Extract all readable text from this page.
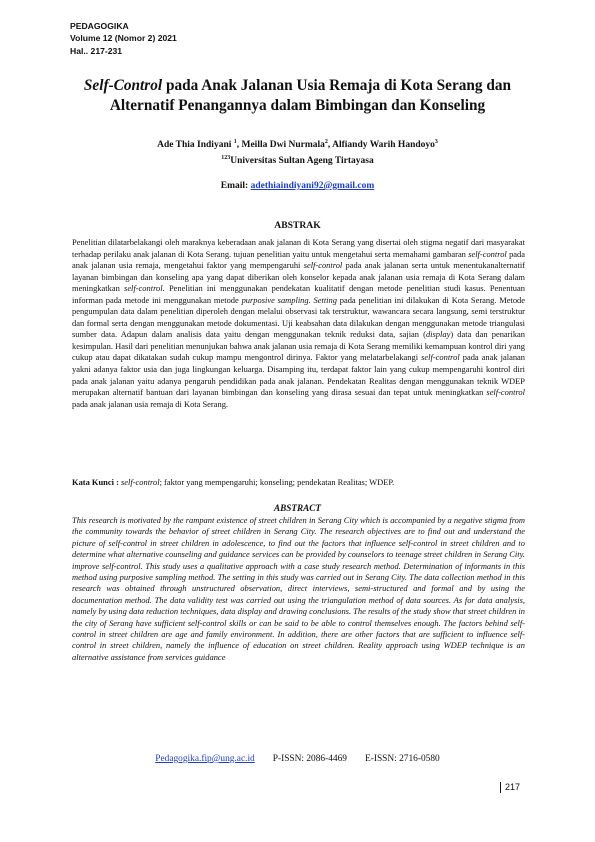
PEDAGOGIKA
Volume 12 (Nomor 2) 2021
Hal.. 217-231
Self-Control pada Anak Jalanan Usia Remaja di Kota Serang dan
Alternatif Penangannya dalam Bimbingan dan Konseling
Ade Thia Indiyani $^1$, Meilla Dwi Nurmala$^2$, Alfiandy Warih Handoyo$^3$
$^{123}$Universitas Sultan Ageng Tirtayasa
Email: adethiaindiyani92@gmail.com
ABSTRAK
Penelitian dilatarbelakangi oleh maraknya keberadaan anak jalanan di Kota Serang yang disertai oleh stigma negatif dari masyarakat terhadap perilaku anak jalanan di Kota Serang. tujuan penelitian yaitu untuk mengetahui serta memahami gambaran self-control pada anak jalanan usia remaja, mengetahui faktor yang mempengaruhi self-control pada anak jalanan serta untuk menentukanalternatif layanan bimbingan dan konseling apa yang dapat diberikan oleh konselor kepada anak jalanan usia remaja di Kota Serang dalam meningkatkan self-control. Penelitian ini menggunakan pendekatan kualitatif dengan metode penelitian studi kasus. Penentuan informan pada metode ini menggunakan metode purposive sampling. Setting pada penelitian ini dilakukan di Kota Serang. Metode pengumpulan data dalam penelitian diperoleh dengan melalui observasi tak terstruktur, wawancara secara langsung, semi terstruktur dan formal serta dengan menggunakan metode dokumentasi. Uji keabsahan data dilakukan dengan menggunakan metode triangulasi sumber data. Adapun dalam analisis data yaitu dengan menggunakan teknik reduksi data, sajian (display) data dan penarikan kesimpulan. Hasil dari penelitian menunjukan bahwa anak jalanan usia remaja di Kota Serang memiliki kemampuan kontrol diri yang cukup atau dapat dikatakan sudah cukup mampu mengontrol dirinya. Faktor yang melatarbelakangi self-control pada anak jalanan yakni adanya faktor usia dan juga lingkungan keluarga. Disamping itu, terdapat faktor lain yang cukup mempengaruhi kontrol diri pada anak jalanan yaitu adanya pengaruh pendidikan pada anak jalanan. Pendekatan Realitas dengan menggunakan teknik WDEP merupakan alternatif bantuan dari layanan bimbingan dan konseling yang dirasa sesuai dan tepat untuk meningkatkan self-control pada anak jalanan usia remaja di Kota Serang.
Kata Kunci : self-control; faktor yang mempengaruhi; konseling; pendekatan Realitas; WDEP.
ABSTRACT
This research is motivated by the rampant existence of street children in Serang City which is accompanied by a negative stigma from the community towards the behavior of street children in Serang City. The research objectives are to find out and understand the picture of self-control in street children in adolescence, to find out the factors that influence self-control in street children and to determine what alternative counseling and guidance services can be provided by counselors to teenage street children in Serang City. improve self-control. This study uses a qualitative approach with a case study research method. Determination of informants in this method using purposive sampling method. The setting in this study was carried out in Serang City. The data collection method in this research was obtained through unstructured observation, direct interviews, semi-structured and formal and by using the documentation method. The data validity test was carried out using the triangulation method of data sources. As for data analysis, namely by using data reduction techniques, data display and drawing conclusions. The results of the study show that street children in the city of Serang have sufficient self-control skills or can be said to be able to control themselves enough. The factors behind self-control in street children are age and family environment. In addition, there are other factors that are sufficient to influence self-control in street children, namely the influence of education on street children. Reality approach using WDEP technique is an alternative assistance from services guidance
Pedagogika.fip@ung.ac.id P-ISSN: 2086-4469 E-ISSN: 2716-0580
217
